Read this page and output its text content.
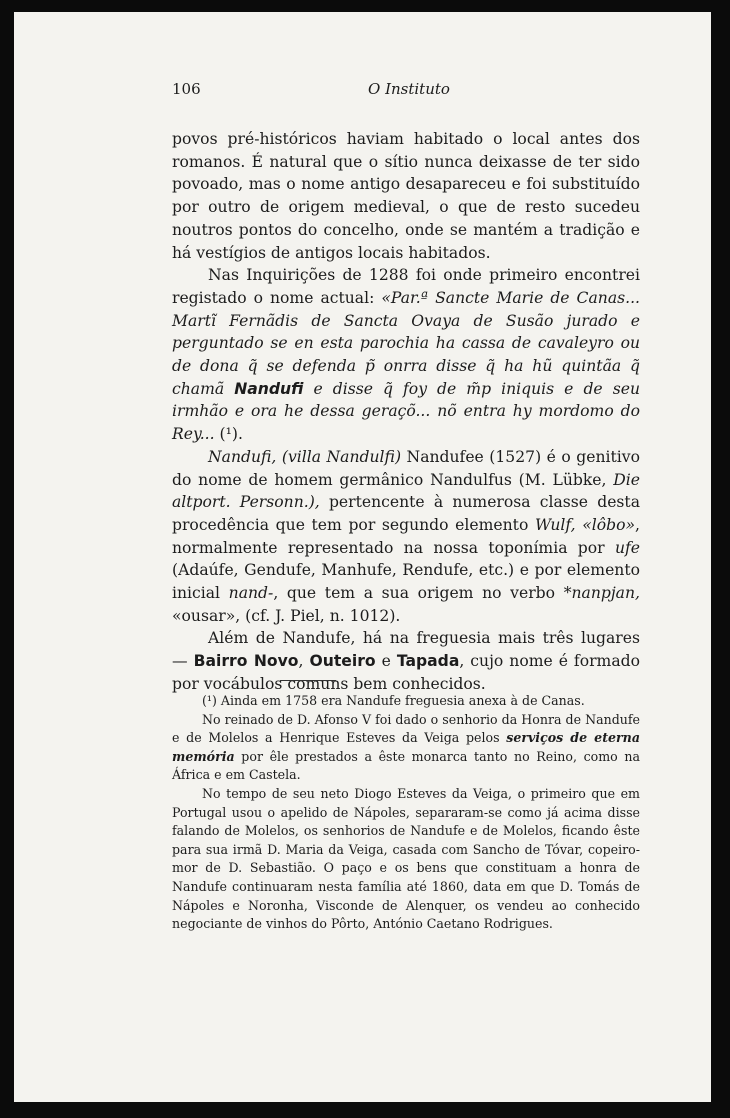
106	O Instituto

povos pré-históricos haviam habitado o local antes dos romanos. É natural que o sítio nunca deixasse de ter sido povoado, mas o nome antigo desapareceu e foi substituído por outro de origem medieval, o que de resto sucedeu noutros pontos do concelho, onde se mantém a tradição e há vestígios de antigos locais habitados.

Nas Inquirições de 1288 foi onde primeiro encontrei registado o nome actual: «Par.ª Sancte Marie de Canas... Martĩ Fernãdis de Sancta Ovaya de Susão jurado e perguntado se en esta parochia ha cassa de cavaleyro ou de dona q̃ se defenda p̃ onrra disse q̃ ha hũ quintãa q̃ chamã Nandufi e disse q̃ foy de m̃p iniquis e de seu irmhão e ora he dessa geraçõ... nõ entra hy mordomo do Rey... (¹).

Nandufi, (villa Nandulfi) Nandufee (1527) é o genitivo do nome de homem germânico Nandulfus (M. Lübke, Die altport. Personn.), pertencente à numerosa classe desta procedência que tem por segundo elemento Wulf, «lôbo», normalmente representado na nossa toponímia por ufe (Adaúfe, Gendufe, Manhufe, Rendufe, etc.) e por elemento inicial nand-, que tem a sua origem no verbo *nanpjan, «ousar», (cf. J. Piel, n. 1012).

Além de Nandufe, há na freguesia mais três lugares — Bairro Novo, Outeiro e Tapada, cujo nome é formado por vocábulos comuns bem conhecidos.

(¹) Ainda em 1758 era Nandufe freguesia anexa à de Canas.

No reinado de D. Afonso V foi dado o senhorio da Honra de Nandufe e de Molelos a Henrique Esteves da Veiga pelos serviços de eterna memória por êle prestados a êste monarca tanto no Reino, como na África e em Castela.

No tempo de seu neto Diogo Esteves da Veiga, o primeiro que em Portugal usou o apelido de Nápoles, separaram-se como já acima disse falando de Molelos, os senhorios de Nandufe e de Molelos, ficando êste para sua irmã D. Maria da Veiga, casada com Sancho de Tóvar, copeiro-mor de D. Sebastião. O paço e os bens que constituam a honra de Nandufe continuaram nesta família até 1860, data em que D. Tomás de Nápoles e Noronha, Visconde de Alenquer, os vendeu ao conhecido negociante de vinhos do Pôrto, António Caetano Rodrigues.
